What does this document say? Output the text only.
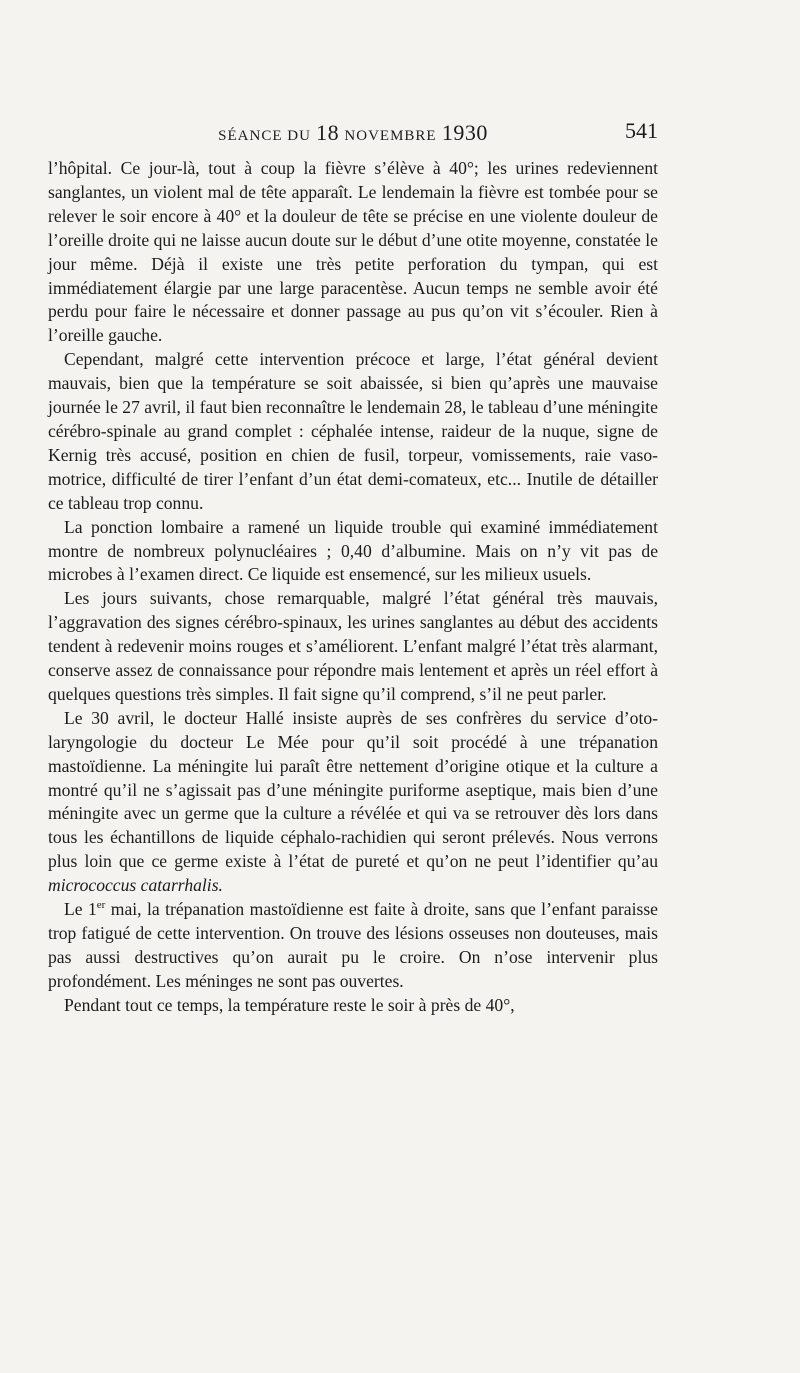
SÉANCE DU 18 NOVEMBRE 1930	541

l’hôpital. Ce jour-là, tout à coup la fièvre s’élève à 40°; les urines redeviennent sanglantes, un violent mal de tête apparaît. Le lendemain la fièvre est tombée pour se relever le soir encore à 40° et la douleur de tête se précise en une violente douleur de l’oreille droite qui ne laisse aucun doute sur le début d’une otite moyenne, constatée le jour même. Déjà il existe une très petite perforation du tympan, qui est immédiatement élargie par une large paracentèse. Aucun temps ne semble avoir été perdu pour faire le nécessaire et donner passage au pus qu’on vit s’écouler. Rien à l’oreille gauche.

Cependant, malgré cette intervention précoce et large, l’état général devient mauvais, bien que la température se soit abaissée, si bien qu’après une mauvaise journée le 27 avril, il faut bien reconnaître le lendemain 28, le tableau d’une méningite cérébro-spinale au grand complet : céphalée intense, raideur de la nuque, signe de Kernig très accusé, position en chien de fusil, torpeur, vomissements, raie vaso-motrice, difficulté de tirer l’enfant d’un état demi-comateux, etc... Inutile de détailler ce tableau trop connu.

La ponction lombaire a ramené un liquide trouble qui examiné immédiatement montre de nombreux polynucléaires ; 0,40 d’albumine. Mais on n’y vit pas de microbes à l’examen direct. Ce liquide est ensemencé, sur les milieux usuels.

Les jours suivants, chose remarquable, malgré l’état général très mauvais, l’aggravation des signes cérébro-spinaux, les urines sanglantes au début des accidents tendent à redevenir moins rouges et s’améliorent. L’enfant malgré l’état très alarmant, conserve assez de connaissance pour répondre mais lentement et après un réel effort à quelques questions très simples. Il fait signe qu’il comprend, s’il ne peut parler.

Le 30 avril, le docteur Hallé insiste auprès de ses confrères du service d’oto-laryngologie du docteur Le Mée pour qu’il soit procédé à une trépanation mastoïdienne. La méningite lui paraît être nettement d’origine otique et la culture a montré qu’il ne s’agissait pas d’une méningite puriforme aseptique, mais bien d’une méningite avec un germe que la culture a révélée et qui va se retrouver dès lors dans tous les échantillons de liquide céphalo-rachidien qui seront prélevés. Nous verrons plus loin que ce germe existe à l’état de pureté et qu’on ne peut l’identifier qu’au micrococcus catarrhalis.

Le 1er mai, la trépanation mastoïdienne est faite à droite, sans que l’enfant paraisse trop fatigué de cette intervention. On trouve des lésions osseuses non douteuses, mais pas aussi destructives qu’on aurait pu le croire. On n’ose intervenir plus profondément. Les méninges ne sont pas ouvertes.

Pendant tout ce temps, la température reste le soir à près de 40°,
